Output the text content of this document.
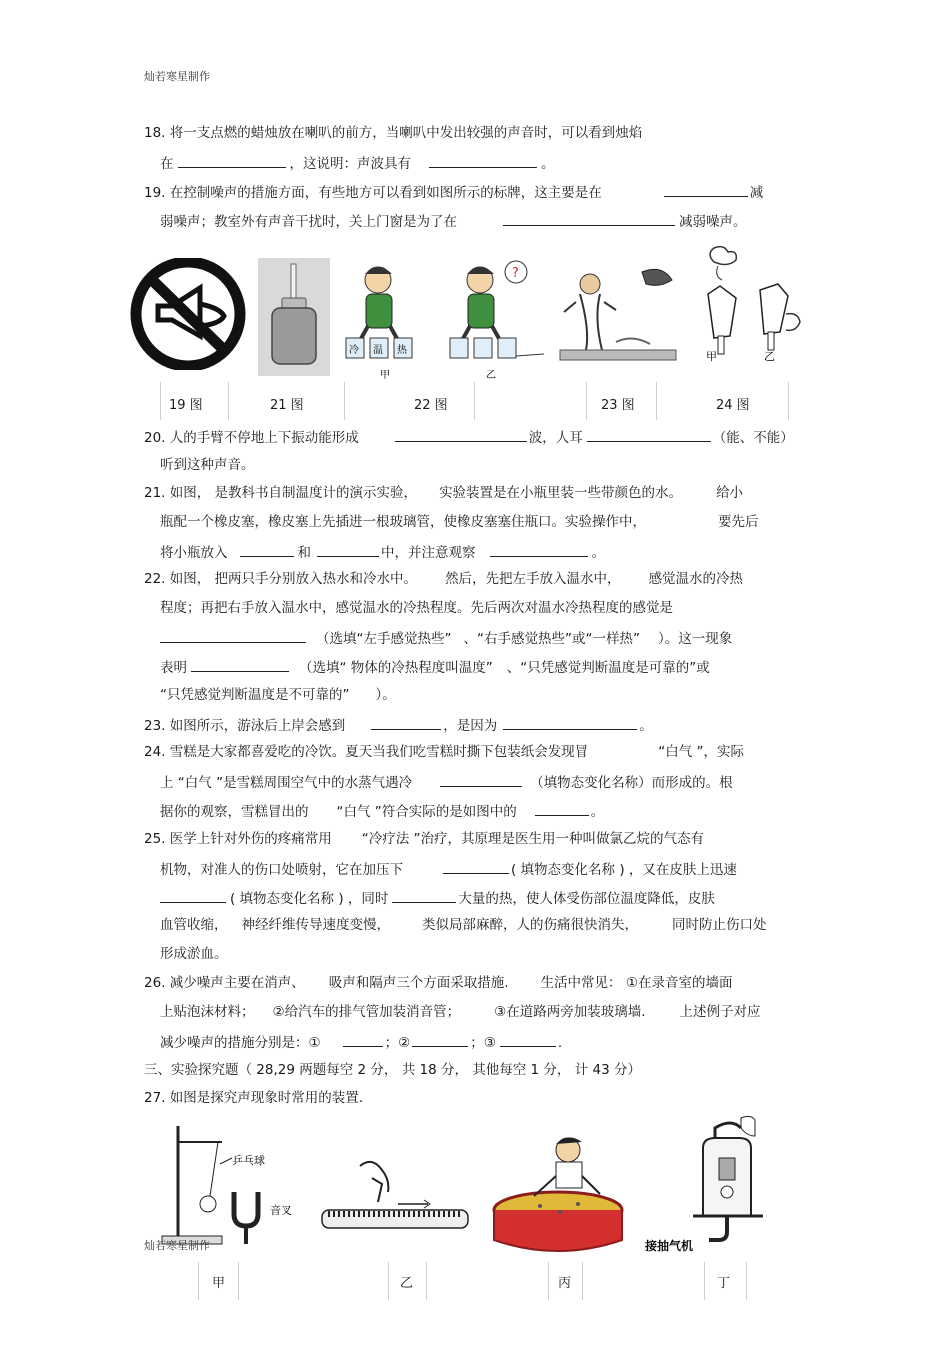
灿若寒星制作
18. 将一支点燃的蜡烛放在喇叭的前方，当喇叭中发出较强的声音时，可以看到烛焰
在	，这说明：声波具有	。
19. 在控制噪声的措施方面，有些地方可以看到如图所示的标牌，这主要是在	减
弱噪声；教室外有声音干扰时，关上门窗是为了在	减弱噪声。
冷 温 热
甲
?
乙
甲	乙
19 图	21 图	22 图	23 图	24 图
20. 人的手臂不停地上下振动能形成	波，人耳	（能、不能）
听到这种声音。
21. 如图， 是教科书自制温度计的演示实验， 实验装置是在小瓶里装一些带颜色的水。	给小
瓶配一个橡皮塞，橡皮塞上先插进一根玻璃管，使橡皮塞塞住瓶口。实验操作中，	要先后
将小瓶放入	和	中，并注意观察	。
22. 如图， 把两只手分别放入热水和冷水中。 然后，先把左手放入温水中， 感觉温水的冷热
程度；再把右手放入温水中，感觉温水的冷热程度。先后两次对温水冷热程度的感觉是
（选填“左手感觉热些” 、“右手感觉热些”或“一样热” ）。这一现象
表明	（选填“ 物体的冷热程度叫温度” 、“只凭感觉判断温度是可靠的”或
“只凭感觉判断温度是不可靠的” ）。
23. 如图所示，游泳后上岸会感到	，是因为	。
24. 雪糕是大家都喜爱吃的冷饮。夏天当我们吃雪糕时撕下包装纸会发现冒	“白气 ”，实际
上 “白气 ”是雪糕周围空气中的水蒸气遇冷	（填物态变化名称）而形成的。根
据你的观察，雪糕冒出的 “白气 ”符合实际的是如图中的	。
25. 医学上针对外伤的疼痛常用 “冷疗法 ”治疗，其原理是医生用一种叫做氯乙烷的气态有
机物，对准人的伤口处喷射，它在加压下	( 填物态变化名称 ) ，又在皮肤上迅速
( 填物态变化名称 ) ，同时	大量的热，使人体受伤部位温度降低，皮肤
血管收缩， 神经纤维传导速度变慢， 类似局部麻醉，人的伤痛很快消失，	同时防止伤口处
形成淤血。
26. 减少噪声主要在消声、 吸声和隔声三个方面采取措施. 生活中常见： ①在录音室的墙面
上贴泡沫材料； ②给汽车的排气管加装消音管；	③在道路两旁加装玻璃墙.	上述例子对应
减少噪声的措施分别是：①	；②	；③	.
三、实验探究题（ 28,29 两题每空 2 分， 共 18 分， 其他每空 1 分， 计 43 分）
27. 如图是探究声现象时常用的装置.
乒乓球
音叉
接抽气机
甲	乙	丙	丁
灿若寒星制作
